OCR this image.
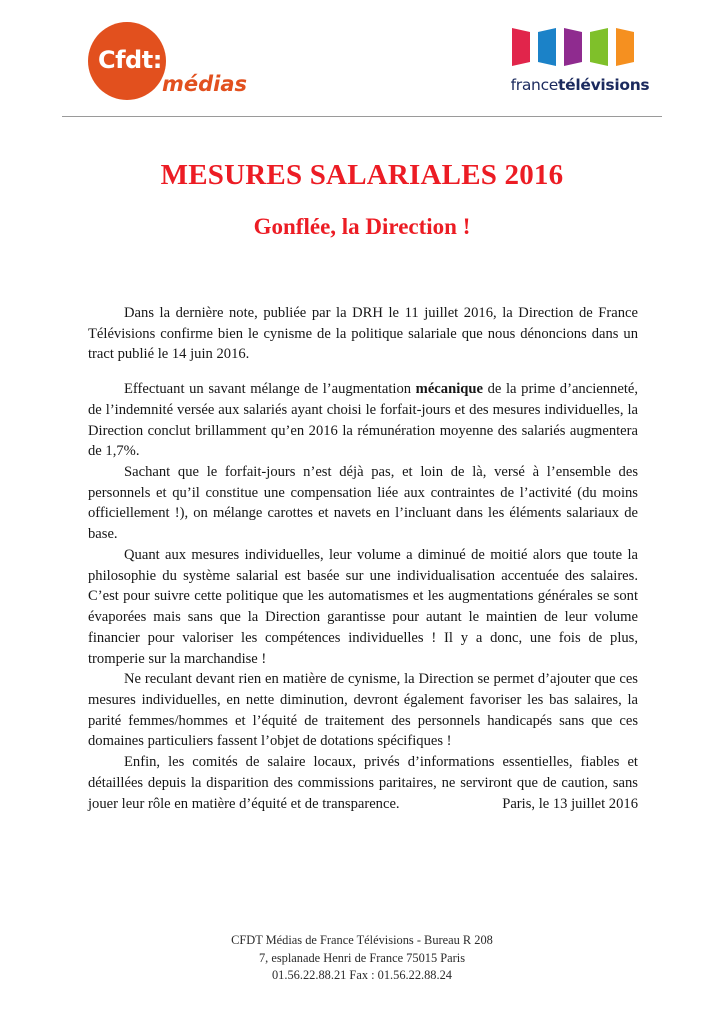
Cfdt:
médias	francetélévisions
MESURES SALARIALES 2016
Gonflée, la Direction !

Dans la dernière note, publiée par la DRH le 11 juillet 2016, la Direction de France Télévisions confirme bien le cynisme de la politique salariale que nous dénoncions dans un tract publié le 14 juin 2016.

Effectuant un savant mélange de l’augmentation mécanique de la prime d’ancienneté, de l’indemnité versée aux salariés ayant choisi le forfait-jours et des mesures individuelles, la Direction conclut brillamment qu’en 2016 la rémunération moyenne des salariés augmentera de 1,7%.

Sachant que le forfait-jours n’est déjà pas, et loin de là, versé à l’ensemble des personnels et qu’il constitue une compensation liée aux contraintes de l’activité (du moins officiellement !), on mélange carottes et navets en l’incluant dans les éléments salariaux de base.

Quant aux mesures individuelles, leur volume a diminué de moitié alors que toute la philosophie du système salarial est basée sur une individualisation accentuée des salaires. C’est pour suivre cette politique que les automatismes et les augmentations générales se sont évaporées mais sans que la Direction garantisse pour autant le maintien de leur volume financier pour valoriser les compétences individuelles ! Il y a donc, une fois de plus, tromperie sur la marchandise !

Ne reculant devant rien en matière de cynisme, la Direction se permet d’ajouter que ces mesures individuelles, en nette diminution, devront également favoriser les bas salaires, la parité femmes/hommes et l’équité de traitement des personnels handicapés sans que ces domaines particuliers fassent l’objet de dotations spécifiques !

Enfin, les comités de salaire locaux, privés d’informations essentielles, fiables et détaillées depuis la disparition des commissions paritaires, ne serviront que de caution, sans jouer leur rôle en matière d’équité et de transparence.	Paris, le 13 juillet 2016
CFDT Médias de France Télévisions - Bureau R 208
7, esplanade Henri de France 75015 Paris
01.56.22.88.21 Fax : 01.56.22.88.24
